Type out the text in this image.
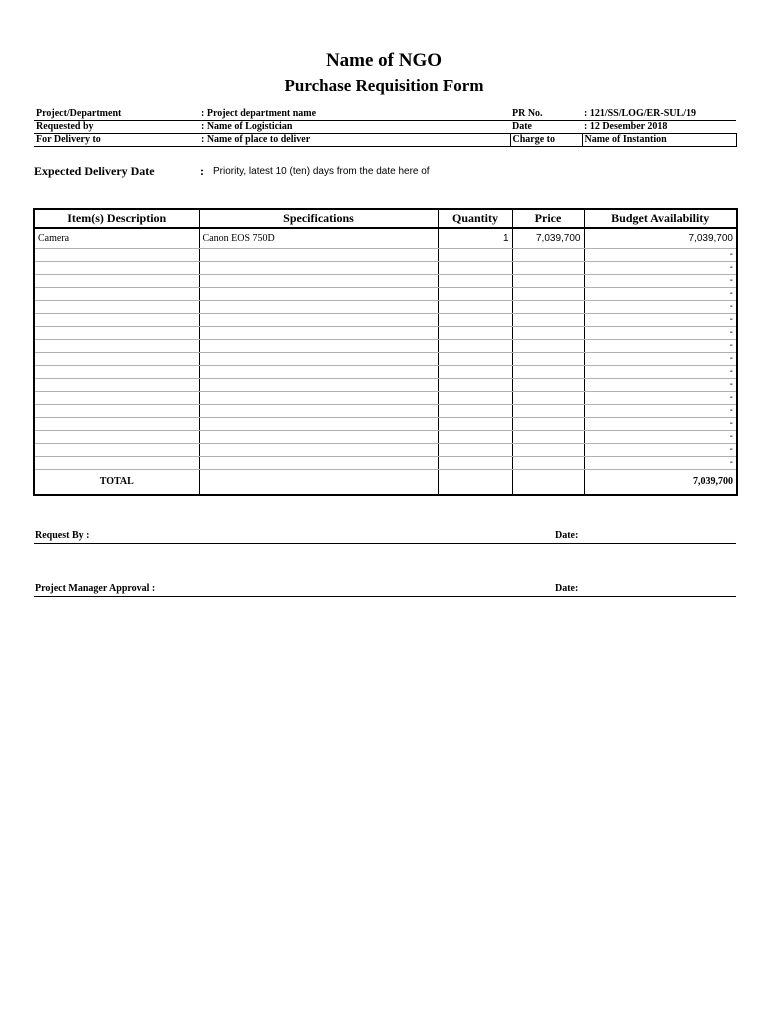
Name of NGO
Purchase Requisition Form
Project/Department	: Project department name	PR No.	: 121/SS/LOG/ER-SUL/19
Requested by	: Name of Logistician	Date	: 12 Desember 2018
For Delivery to	: Name of place to deliver	Charge to	Name of Instantion
Expected Delivery Date	: Priority, latest 10 (ten) days from the date here of
Item(s) Description	Specifications	Quantity	Price	Budget Availability
Camera	Canon EOS 750D	1	7,039,700	7,039,700
				-
				-
				-
				-
				-
				-
				-
				-
				-
				-
				-
				-
				-
				-
				-
				-
				-
TOTAL				7,039,700
Request By :	Date:
Project Manager Approval :	Date:
